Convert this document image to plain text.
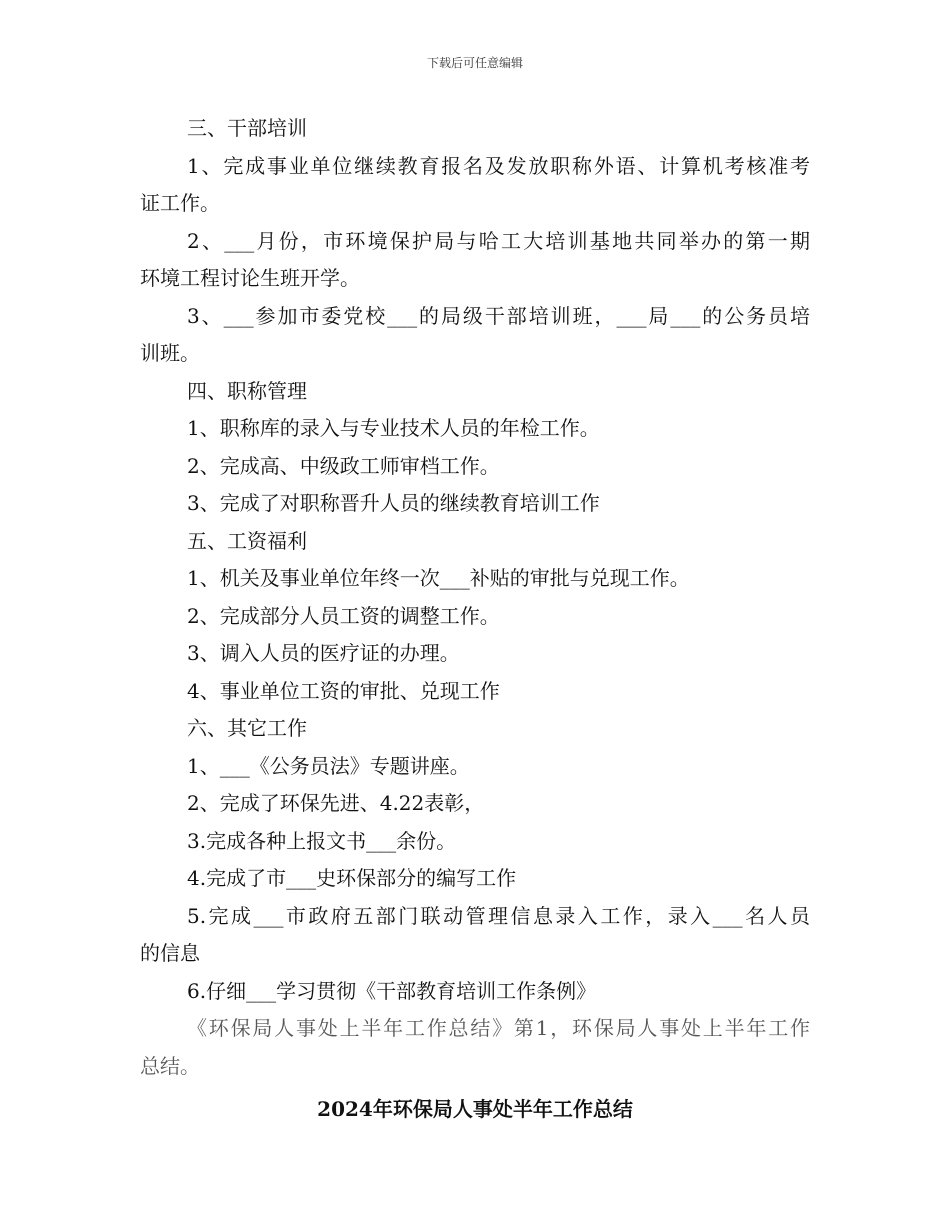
下载后可任意编辑

三、干部培训

1、完成事业单位继续教育报名及发放职称外语、计算机考核准考

证工作。

2、___月份，市环境保护局与哈工大培训基地共同举办的第一期

环境工程讨论生班开学。

3、___参加市委党校___的局级干部培训班，___局___的公务员培

训班。

四、职称管理

1、职称库的录入与专业技术人员的年检工作。

2、完成高、中级政工师审档工作。

3、完成了对职称晋升人员的继续教育培训工作

五、工资福利

1、机关及事业单位年终一次___补贴的审批与兑现工作。

2、完成部分人员工资的调整工作。

3、调入人员的医疗证的办理。

4、事业单位工资的审批、兑现工作

六、其它工作

1、___《公务员法》专题讲座。

2、完成了环保先进、4.22表彰，

3.完成各种上报文书___余份。

4.完成了市___史环保部分的编写工作

5.完成___市政府五部门联动管理信息录入工作，录入___名人员

的信息

6.仔细___学习贯彻《干部教育培训工作条例》

《环保局人事处上半年工作总结》第1，环保局人事处上半年工作

总结。

2024年环保局人事处半年工作总结
